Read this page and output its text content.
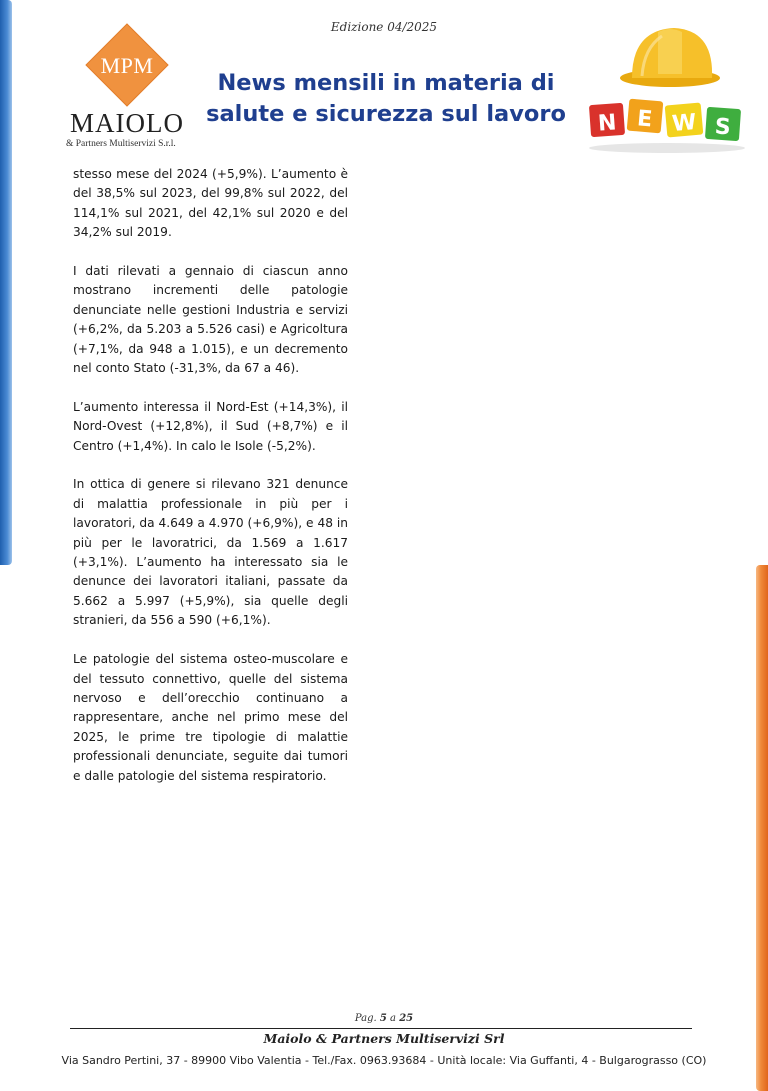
Edizione 04/2025
MPM
MAIOLO
& Partners Multiservizi S.r.l.
News mensili in materia di
salute e sicurezza sul lavoro N E W S

stesso mese del 2024 (+5,9%). L’aumento è del 38,5% sul 2023, del 99,8% sul 2022, del 114,1% sul 2021, del 42,1% sul 2020 e del 34,2% sul 2019.

I dati rilevati a gennaio di ciascun anno mostrano incrementi delle patologie denunciate nelle gestioni Industria e servizi (+6,2%, da 5.203 a 5.526 casi) e Agricoltura (+7,1%, da 948 a 1.015), e un decremento nel conto Stato (-31,3%, da 67 a 46).

L’aumento interessa il Nord-Est (+14,3%), il Nord-Ovest (+12,8%), il Sud (+8,7%) e il Centro (+1,4%). In calo le Isole (-5,2%).

In ottica di genere si rilevano 321 denunce di malattia professionale in più per i lavoratori, da 4.649 a 4.970 (+6,9%), e 48 in più per le lavoratrici, da 1.569 a 1.617 (+3,1%). L’aumento ha interessato sia le denunce dei lavoratori italiani, passate da 5.662 a 5.997 (+5,9%), sia quelle degli stranieri, da 556 a 590 (+6,1%).

Le patologie del sistema osteo-muscolare e del tessuto connettivo, quelle del sistema nervoso e dell’orecchio continuano a rappresentare, anche nel primo mese del 2025, le prime tre tipologie di malattie professionali denunciate, seguite dai tumori e dalle patologie del sistema respiratorio.

Pag. 5 a 25
Maiolo & Partners Multiservizi Srl
Via Sandro Pertini, 37 - 89900 Vibo Valentia - Tel./Fax. 0963.93684 - Unità locale: Via Guffanti, 4 - Bulgarograsso (CO)
